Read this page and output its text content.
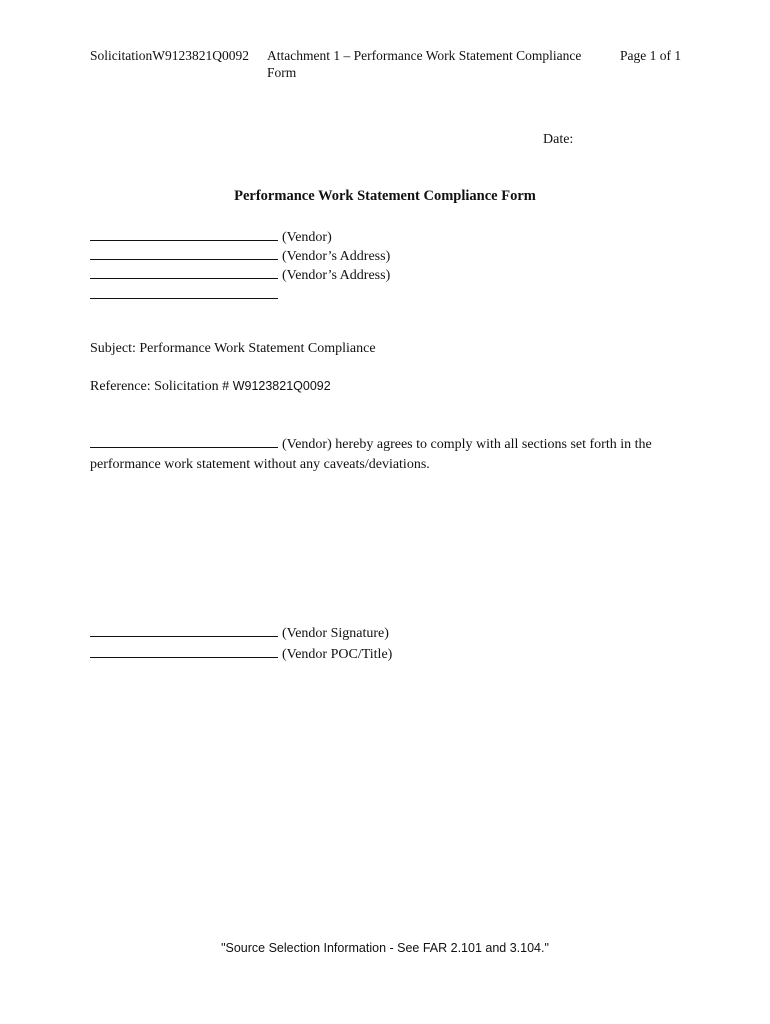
SolicitationW9123821Q0092 Attachment 1 – Performance Work Statement Compliance Form
Page 1 of 1
Date:
Performance Work Statement Compliance Form
(Vendor)
(Vendor’s Address)
(Vendor’s Address)
Subject: Performance Work Statement Compliance
Reference: Solicitation # W9123821Q0092
(Vendor) hereby agrees to comply with all sections set forth in the performance work statement without any caveats/deviations.
(Vendor Signature)
(Vendor POC/Title)
"Source Selection Information - See FAR 2.101 and 3.104."
